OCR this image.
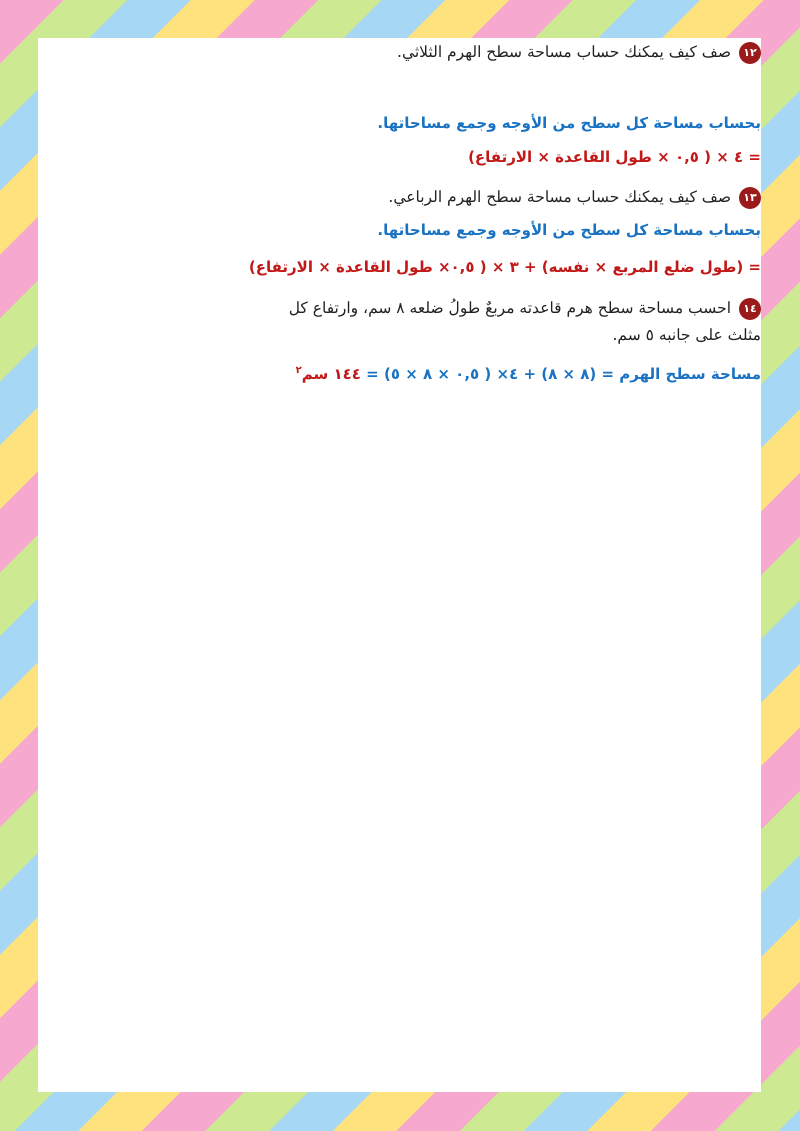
١٢صف كيف يمكنك حساب مساحة سطح الهرم الثلاثي.
بحساب مساحة كل سطح من الأوجه وجمع مساحاتها.
= ٤ × ( ٠,٥ × طول القاعدة × الارتفاع)
١٣صف كيف يمكنك حساب مساحة سطح الهرم الرباعي.
بحساب مساحة كل سطح من الأوجه وجمع مساحاتها.
= (طول ضلع المربع × نفسه) + ٣ × ( ٠,٥× طول القاعدة × الارتفاع)
١٤احسب مساحة سطح هرم قاعدته مربعٌ طولُ ضلعه ٨ سم، وارتفاع كل مثلث على جانبه ٥ سم.
مساحة سطح الهرم = (٨ × ٨) + ٤× ( ٠,٥ × ٨ × ٥) = ١٤٤ سم$^٢$
